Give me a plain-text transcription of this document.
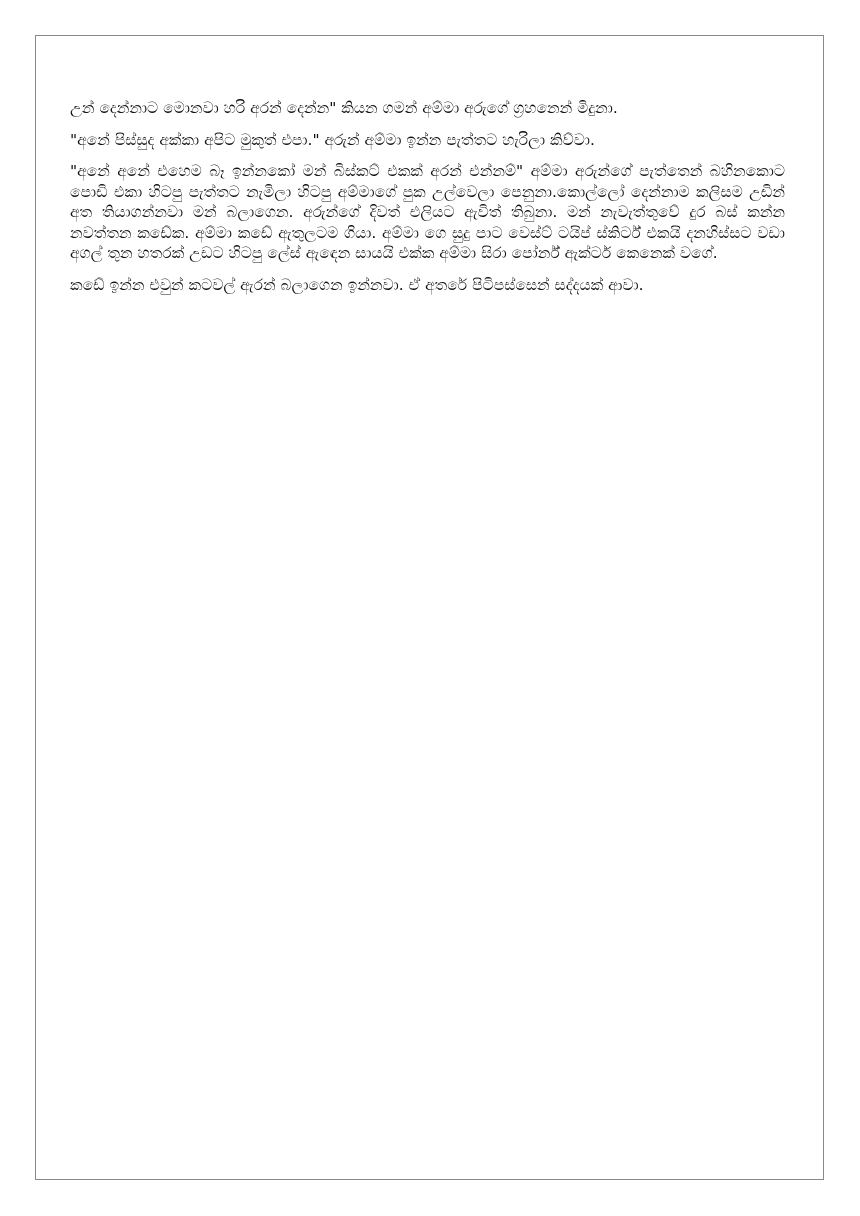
උන් දෙන්නාට මොනවා හරි අරන් දෙන්න" කියන ගමන් අම්මා අරුගේ ග්‍රහනෙන් මිදුනා.

"අනේ පිස්සුද අක්කා අපිට මුකුත් එපා." අරුන් අම්මා ඉන්න පැත්තට හැරිලා කිව්වා.

"අනේ අනේ එහෙම බෑ ඉන්නකෝ මන් බිස්කට් එකක් අරන් එන්නම්" අම්මා අරුන්ගේ පැත්තෙන් බහිනකොට පොඩි එකා හිටපු පැත්තට නැමිලා හිටපු අම්මාගේ පුක උල්වෙලා පෙනුනා.කොල්ලෝ දෙන්නාම කලිසම උඩින් අත තියාගන්නවා මන් බලාගෙන. අරුන්ගේ දිවත් එලියට ඇවිත් තිබුනා. මන් නැවැත්තුවේ දුර බස් කන්න නවත්තන කඩේක. අම්මා කඩේ ඇතුලටම ගියා. අම්මා ගෙ සුදු පාට වෙස්ට් ටයිප් ස්කිර්ට් එකයි දනහිස්සට වඩා අගල් තුන හතරක් උඩට හිටපු ලේස් ඇඳෙන සායයි එක්ක අම්මා සිරා පෝර්න් ඇක්ටර් කෙනෙක් වගේ.

කඩේ ඉන්න එවුන් කටවල් ඇරන් බලාගෙන ඉන්නවා. ඒ අතරේ පිටිපස්සෙන් සද්දයක් ආවා.
